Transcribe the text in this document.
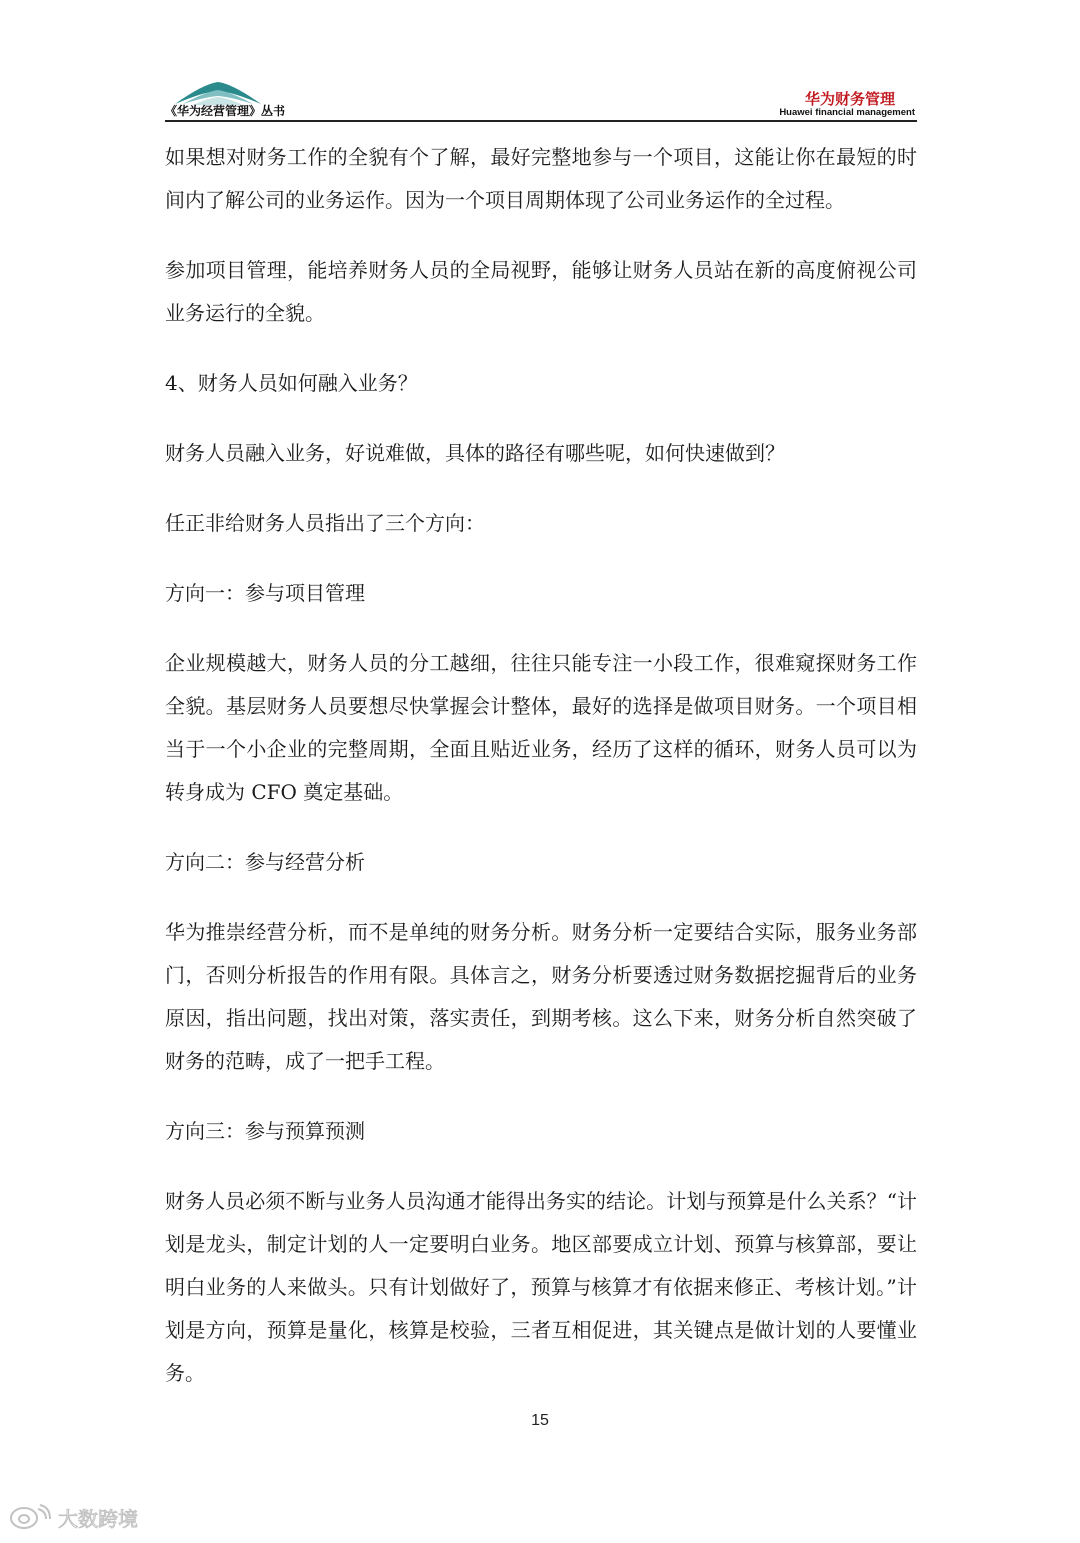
《华为经营管理》丛书
华为财务管理
Huawei financial management

如果想对财务工作的全貌有个了解，最好完整地参与一个项目，这能让你在最短的时间内了解公司的业务运作。因为一个项目周期体现了公司业务运作的全过程。

参加项目管理，能培养财务人员的全局视野，能够让财务人员站在新的高度俯视公司业务运行的全貌。

4、财务人员如何融入业务？

财务人员融入业务，好说难做，具体的路径有哪些呢，如何快速做到？

任正非给财务人员指出了三个方向：

方向一：参与项目管理

企业规模越大，财务人员的分工越细，往往只能专注一小段工作，很难窥探财务工作全貌。基层财务人员要想尽快掌握会计整体，最好的选择是做项目财务。一个项目相当于一个小企业的完整周期，全面且贴近业务，经历了这样的循环，财务人员可以为转身成为 CFO 奠定基础。

方向二：参与经营分析

华为推崇经营分析，而不是单纯的财务分析。财务分析一定要结合实际，服务业务部门，否则分析报告的作用有限。具体言之，财务分析要透过财务数据挖掘背后的业务原因，指出问题，找出对策，落实责任，到期考核。这么下来，财务分析自然突破了财务的范畴，成了一把手工程。

方向三：参与预算预测

财务人员必须不断与业务人员沟通才能得出务实的结论。计划与预算是什么关系？“计划是龙头，制定计划的人一定要明白业务。地区部要成立计划、预算与核算部，要让明白业务的人来做头。只有计划做好了，预算与核算才有依据来修正、考核计划。”计划是方向，预算是量化，核算是校验，三者互相促进，其关键点是做计划的人要懂业务。

15
大数跨境
